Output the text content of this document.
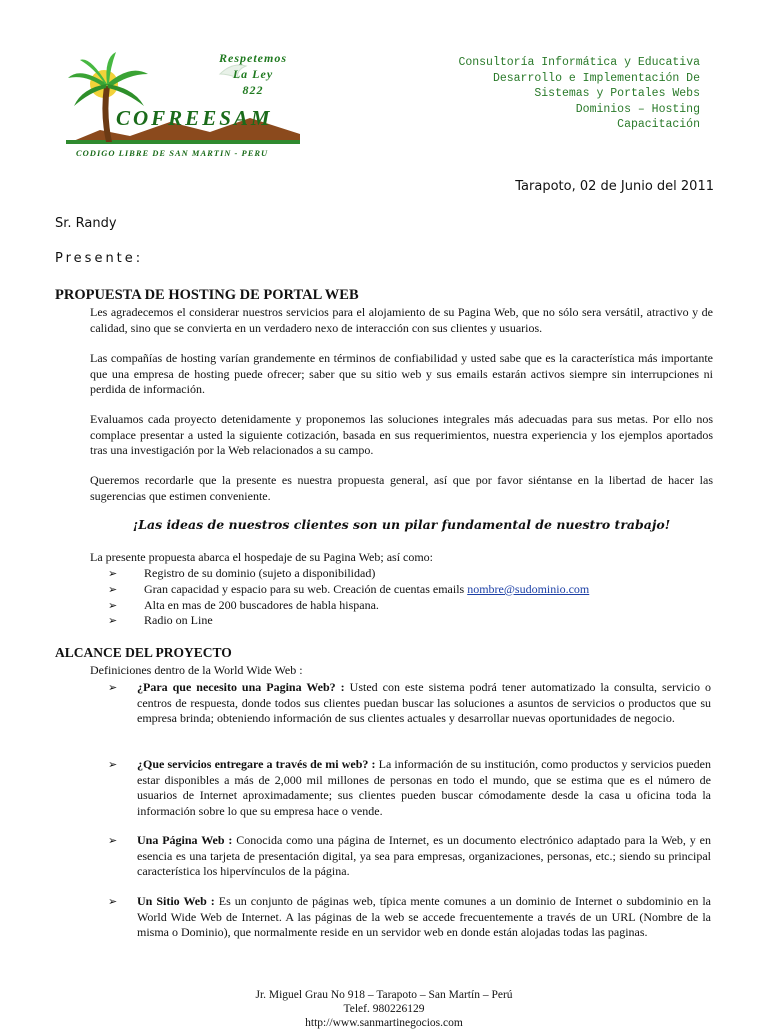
Respetemos
La Ley
822
COFREESAM
CODIGO LIBRE DE SAN MARTIN - PERU
Consultoría Informática y Educativa
Desarrollo e Implementación De
Sistemas y Portales Webs
Dominios – Hosting
Capacitación
Tarapoto, 02 de Junio del 2011
Sr. Randy
Presente:
PROPUESTA DE HOSTING DE PORTAL WEB
Les agradecemos el considerar nuestros servicios para el alojamiento de su Pagina Web, que no sólo sera versátil, atractivo y de calidad, sino que se convierta en un verdadero nexo de interacción con sus clientes y usuarios.
Las compañías de hosting varían grandemente en términos de confiabilidad y usted sabe que es la característica más importante que una empresa de hosting puede ofrecer; saber que su sitio web y sus emails estarán activos siempre sin interrupciones ni perdida de información.
Evaluamos cada proyecto detenidamente y proponemos las soluciones integrales más adecuadas para sus metas. Por ello nos complace presentar a usted la siguiente cotización, basada en sus requerimientos, nuestra experiencia y los ejemplos aportados tras una investigación por la Web relacionados a su campo.
Queremos recordarle que la presente es nuestra propuesta general, así que por favor siéntanse en la libertad de hacer las sugerencias que estimen conveniente.
¡Las ideas de nuestros clientes son un pilar fundamental de nuestro trabajo!
La presente propuesta abarca el hospedaje de su Pagina Web; así como:
➢ Registro de su dominio (sujeto a disponibilidad)
➢ Gran capacidad y espacio para su web. Creación de cuentas emails nombre@sudominio.com
➢ Alta en mas de 200 buscadores de habla hispana.
➢ Radio on Line
ALCANCE DEL PROYECTO
Definiciones dentro de la World Wide Web :
➢	¿Para que necesito una Pagina Web? : Usted con este sistema podrá tener automatizado la consulta, servicio o centros de respuesta, donde todos sus clientes puedan buscar las soluciones a asuntos de servicios o productos que su empresa brinda; obteniendo información de sus clientes actuales y desarrollar nuevas oportunidades de negocio.
➢	¿Que servicios entregare a través de mi web? : La información de su institución, como productos y servicios pueden estar disponibles a más de 2,000 mil millones de personas en todo el mundo, que se estima que es el número de usuarios de Internet aproximadamente; sus clientes pueden buscar cómodamente desde la casa u oficina toda la información sobre lo que su empresa hace o vende.
➢	Una Página Web : Conocida como una página de Internet, es un documento electrónico adaptado para la Web, y en esencia es una tarjeta de presentación digital, ya sea para empresas, organizaciones, personas, etc.; siendo su principal característica los hipervínculos de la página.
➢	Un Sitio Web : Es un conjunto de páginas web, típica mente comunes a un dominio de Internet o subdominio en la World Wide Web de Internet. A las páginas de la web se accede frecuentemente a través de un URL (Nombre de la misma o Dominio), que normalmente reside en un servidor web en donde están alojadas todas las paginas.
Jr. Miguel Grau No 918 – Tarapoto – San Martín – Perú
Telef. 980226129
http://www.sanmartinegocios.com
